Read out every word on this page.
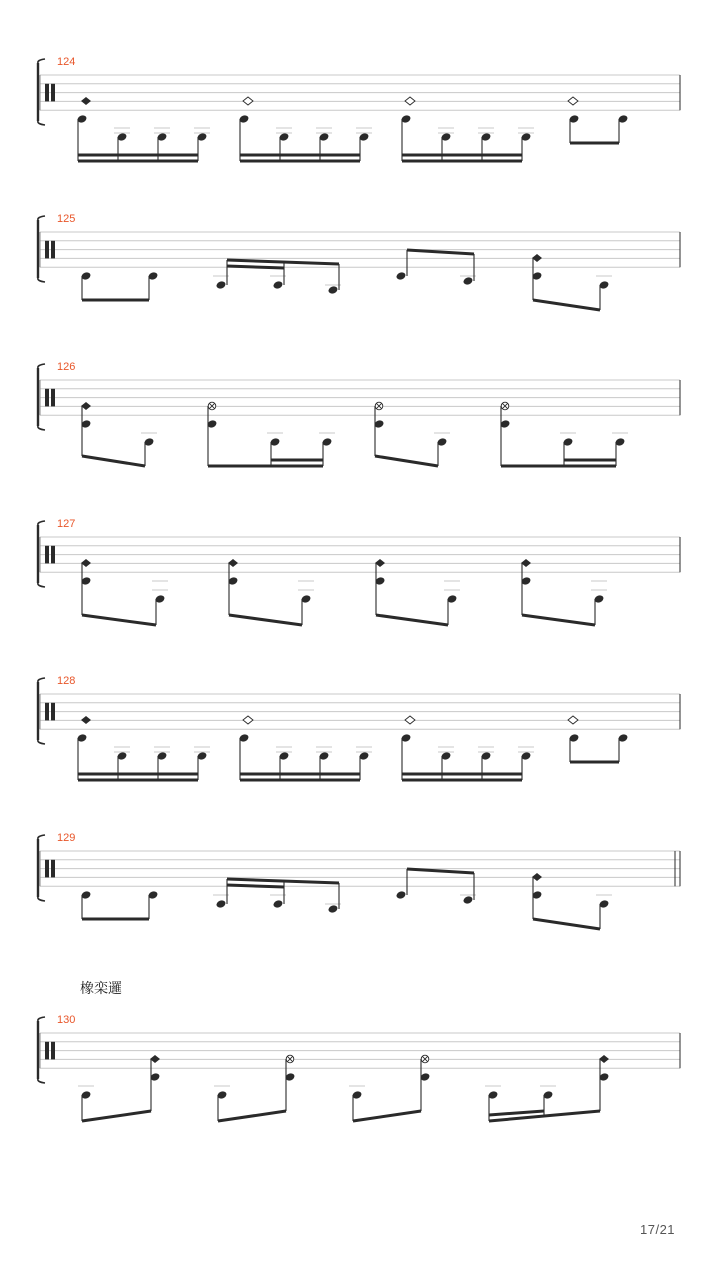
124
125
126
127
128
129
130
橡栾邏
17/21
